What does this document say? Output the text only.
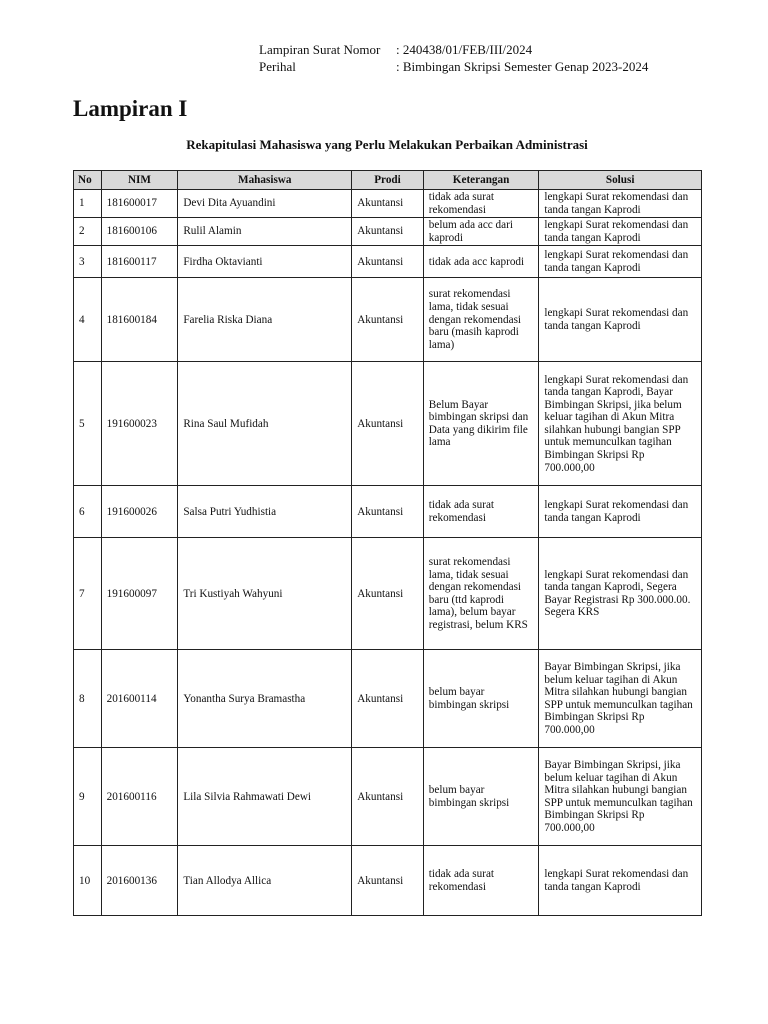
Lampiran Surat Nomor : 240438/01/FEB/III/2024
Perihal	: Bimbingan Skripsi Semester Genap 2023-2024
Lampiran I
Rekapitulasi Mahasiswa yang Perlu Melakukan Perbaikan Administrasi
No	NIM	Mahasiswa	Prodi	Keterangan	Solusi
1	181600017	Devi Dita Ayuandini	Akuntansi	tidak ada surat rekomendasi	lengkapi Surat rekomendasi dan tanda tangan Kaprodi
2	181600106	Rulil Alamin	Akuntansi	belum ada acc dari kaprodi	lengkapi Surat rekomendasi dan tanda tangan Kaprodi
3	181600117	Firdha Oktavianti	Akuntansi	tidak ada acc kaprodi	lengkapi Surat rekomendasi dan tanda tangan Kaprodi
4	181600184	Farelia Riska Diana	Akuntansi	surat rekomendasi lama, tidak sesuai dengan rekomendasi baru (masih kaprodi lama)	lengkapi Surat rekomendasi dan tanda tangan Kaprodi
5	191600023	Rina Saul Mufidah	Akuntansi	Belum Bayar bimbingan skripsi dan Data yang dikirim file lama	lengkapi Surat rekomendasi dan tanda tangan Kaprodi, Bayar Bimbingan Skripsi, jika belum keluar tagihan di Akun Mitra silahkan hubungi bangian SPP untuk memunculkan tagihan Bimbingan Skripsi Rp 700.000,00
6	191600026	Salsa Putri Yudhistia	Akuntansi	tidak ada surat rekomendasi	lengkapi Surat rekomendasi dan tanda tangan Kaprodi
7	191600097	Tri Kustiyah Wahyuni	Akuntansi	surat rekomendasi lama, tidak sesuai dengan rekomendasi baru (ttd kaprodi lama), belum bayar registrasi, belum KRS	lengkapi Surat rekomendasi dan tanda tangan Kaprodi, Segera Bayar Registrasi Rp 300.000.00. Segera KRS
8	201600114	Yonantha Surya Bramastha	Akuntansi	belum bayar bimbingan skripsi	Bayar Bimbingan Skripsi, jika belum keluar tagihan di Akun Mitra silahkan hubungi bangian SPP untuk memunculkan tagihan Bimbingan Skripsi Rp 700.000,00
9	201600116	Lila Silvia Rahmawati Dewi	Akuntansi	belum bayar bimbingan skripsi	Bayar Bimbingan Skripsi, jika belum keluar tagihan di Akun Mitra silahkan hubungi bangian SPP untuk memunculkan tagihan Bimbingan Skripsi Rp 700.000,00
10	201600136	Tian Allodya Allica	Akuntansi	tidak ada surat rekomendasi	lengkapi Surat rekomendasi dan tanda tangan Kaprodi
